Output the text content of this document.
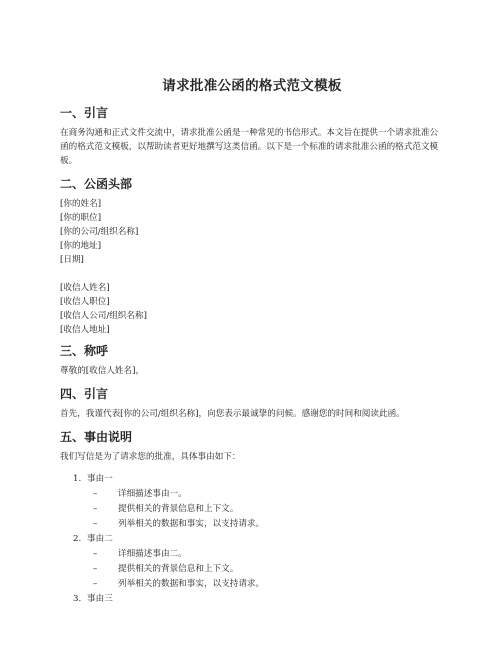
请求批准公函的格式范文模板
一、引言

在商务沟通和正式文件交流中，请求批准公函是一种常见的书信形式。本文旨在提供一个请求批准公函的格式范文模板，以帮助读者更好地撰写这类信函。以下是一个标准的请求批准公函的格式范文模板。

二、公函头部
[你的姓名]
[你的职位]
[你的公司/组织名称]
[你的地址]
[日期]
[收信人姓名]
[收信人职位]
[收信人公司/组织名称]
[收信人地址]
三、称呼

尊敬的[收信人姓名]，

四、引言

首先，我谨代表[你的公司/组织名称]，向您表示最诚挚的问候。感谢您的时间和阅读此函。

五、事由说明

我们写信是为了请求您的批准，具体事由如下：

1. 事由一
– 详细描述事由一。
– 提供相关的背景信息和上下文。
– 列举相关的数据和事实，以支持请求。
2. 事由二
– 详细描述事由二。
– 提供相关的背景信息和上下文。
– 列举相关的数据和事实，以支持请求。
3. 事由三
